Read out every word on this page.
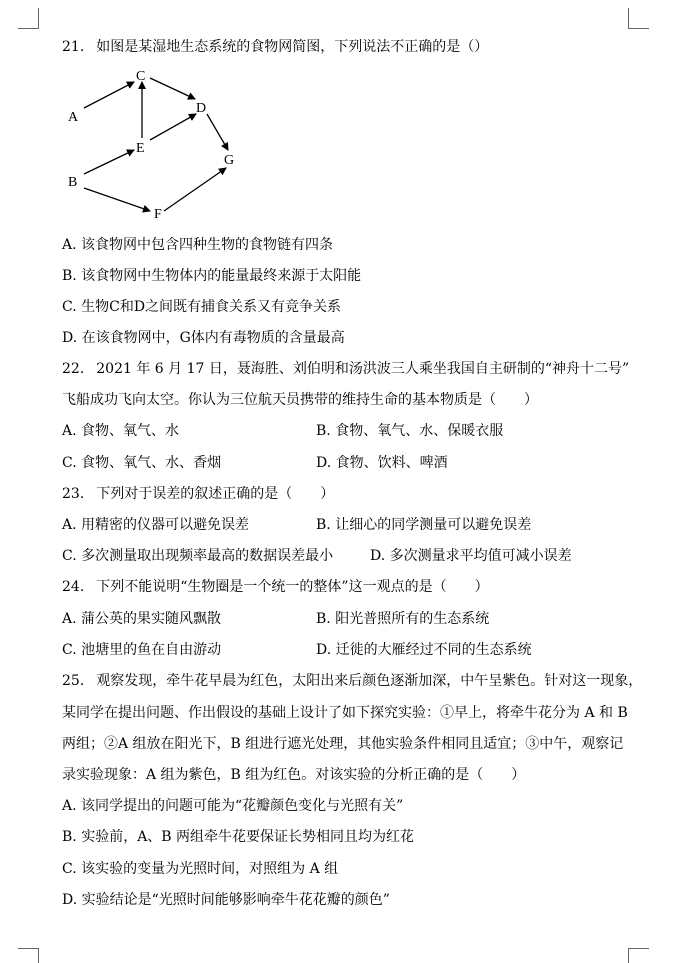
21. 如图是某湿地生态系统的食物网简图，下列说法不正确的是（）
A
B
C
D
E
F
G
A. 该食物网中包含四种生物的食物链有四条
B. 该食物网中生物体内的能量最终来源于太阳能
C. 生物C和D之间既有捕食关系又有竞争关系
D. 在该食物网中，G体内有毒物质的含量最高
22. 2021 年 6 月 17 日，聂海胜、刘伯明和汤洪波三人乘坐我国自主研制的“神舟十二号”
飞船成功飞向太空。你认为三位航天员携带的维持生命的基本物质是（　　）
A. 食物、氧气、水	B. 食物、氧气、水、保暖衣服
C. 食物、氧气、水、香烟	D. 食物、饮料、啤酒
23. 下列对于误差的叙述正确的是（　　）
A. 用精密的仪器可以避免误差	B. 让细心的同学测量可以避免误差
C. 多次测量取出现频率最高的数据误差最小	D. 多次测量求平均值可减小误差
24. 下列不能说明“生物圈是一个统一的整体”这一观点的是（　　）
A. 蒲公英的果实随风飘散	B. 阳光普照所有的生态系统
C. 池塘里的鱼在自由游动	D. 迁徙的大雁经过不同的生态系统
25. 观察发现，牵牛花早晨为红色，太阳出来后颜色逐渐加深，中午呈紫色。针对这一现象，
某同学在提出问题、作出假设的基础上设计了如下探究实验：①早上，将牵牛花分为 A 和 B
两组；②A 组放在阳光下，B 组进行遮光处理，其他实验条件相同且适宜；③中午，观察记
录实验现象：A 组为紫色，B 组为红色。对该实验的分析正确的是（　　）
A. 该同学提出的问题可能为“花瓣颜色变化与光照有关”
B. 实验前，A、B 两组牵牛花要保证长势相同且均为红花
C. 该实验的变量为光照时间，对照组为 A 组
D. 实验结论是“光照时间能够影响牵牛花花瓣的颜色”
